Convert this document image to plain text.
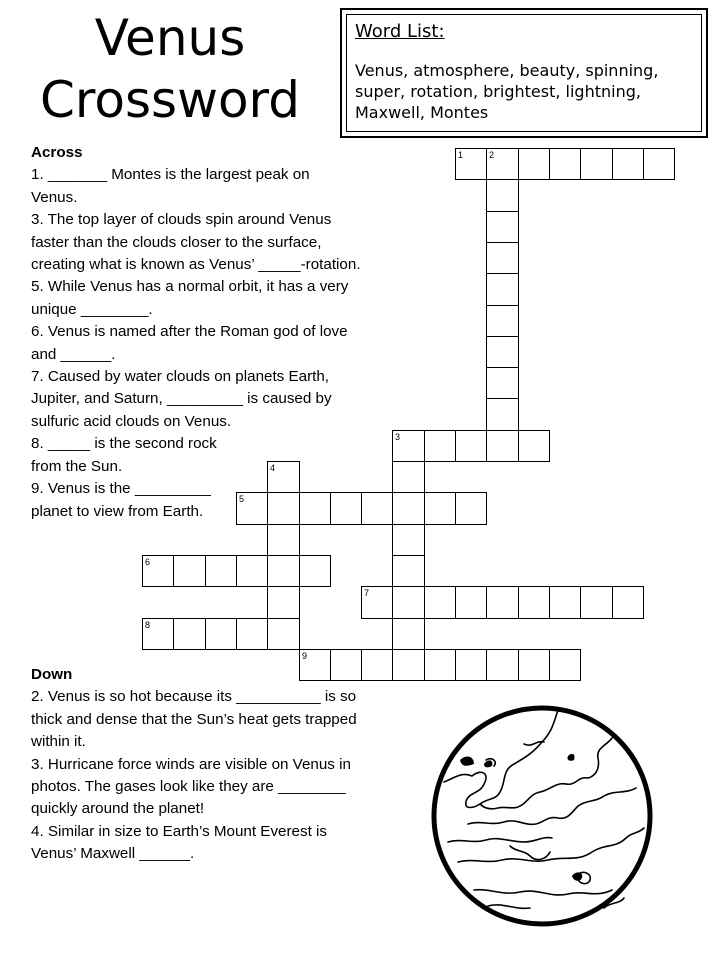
Venus
Crossword
Word List:
Venus, atmosphere, beauty, spinning, super, rotation, brightest, lightning, Maxwell, Montes
Across
1. _______ Montes is the largest peak on Venus.
3. The top layer of clouds spin around Venus faster than the clouds closer to the surface, creating what is known as Venus’ _____-rotation.
5. While Venus has a normal orbit, it has a very unique ________.
6. Venus is named after the Roman god of love and ______.
7. Caused by water clouds on planets Earth, Jupiter, and Saturn, _________ is caused by sulfuric acid clouds on Venus.
8. _____ is the second rock from the Sun.
9. Venus is the _________ planet to view from Earth.
Down
2. Venus is so hot because its __________ is so thick and dense that the Sun’s heat gets trapped within it.
3. Hurricane force winds are visible on Venus in photos. The gases look like they are ________ quickly around the planet!
4. Similar in size to Earth’s Mount Everest is Venus’ Maxwell ______.
1	2
3
4
5
6
7
8
9
